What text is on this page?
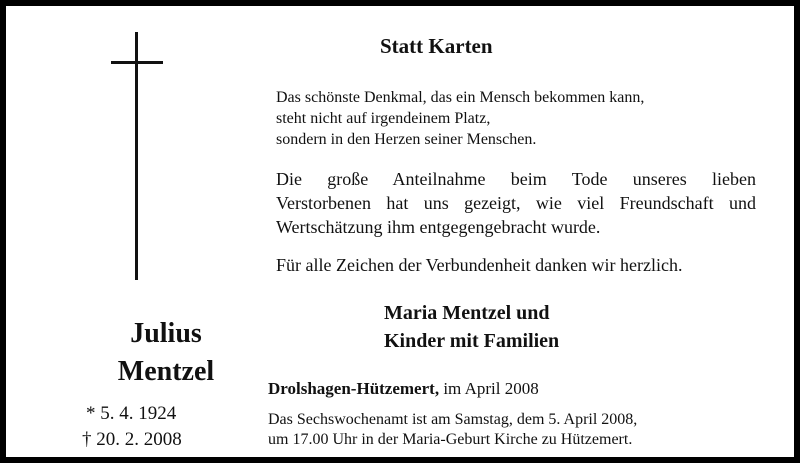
Julius
Mentzel
* 5. 4. 1924
† 20. 2. 2008
Statt Karten
Das schönste Denkmal, das ein Mensch bekommen kann,
steht nicht auf irgendeinem Platz,
sondern in den Herzen seiner Menschen.

Die große Anteilnahme beim Tode unseres lieben

Verstorbenen hat uns gezeigt, wie viel Freundschaft und

Wertschätzung ihm entgegengebracht wurde.

Für alle Zeichen der Verbundenheit danken wir herzlich.
Maria Mentzel und
Kinder mit Familien
Drolshagen-Hützemert, im April 2008
Das Sechswochenamt ist am Samstag, dem 5. April 2008,
um 17.00 Uhr in der Maria-Geburt Kirche zu Hützemert.
